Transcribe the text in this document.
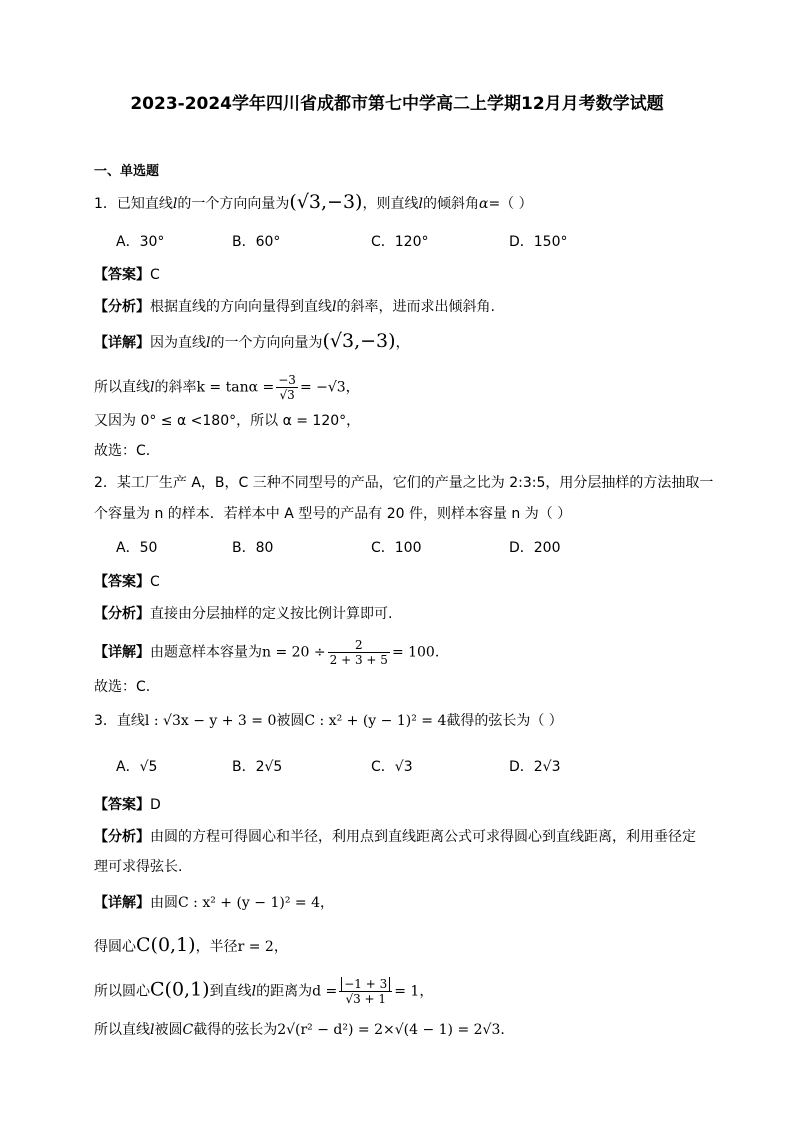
2023-2024学年四川省成都市第七中学高二上学期12月月考数学试题
一、单选题
1．已知直线l的一个方向向量为(√3,−3)，则直线l的倾斜角α=（ ）
A．30°	B．60°	C．120°	D．150°
【答案】C
【分析】根据直线的方向向量得到直线l的斜率，进而求出倾斜角.
【详解】因为直线l的一个方向向量为(√3,−3)，
所以直线l的斜率$k = \tan\alpha = \frac{-3}{√3} = -√3$，
又因为 0° ≤ α <180°，所以 α = 120°，
故选：C.
2．某工厂生产 A，B，C 三种不同型号的产品，它们的产量之比为 2:3:5，用分层抽样的方法抽取一
个容量为 n 的样本．若样本中 A 型号的产品有 20 件，则样本容量 n 为（ ）
A．50	B．80	C．100	D．200
【答案】C
【分析】直接由分层抽样的定义按比例计算即可.
【详解】由题意样本容量为$n = 20 \div \frac{2}{2 + 3 + 5} = 100$.
故选：C.
3．直线l : √3x − y + 3 = 0被圆C : x² + (y − 1)² = 4截得的弦长为（ ）
A．√5	B．2√5	C．√3	D．2√3
【答案】D
【分析】由圆的方程可得圆心和半径，利用点到直线距离公式可求得圆心到直线距离，利用垂径定
理可求得弦长.
【详解】由圆C : x² + (y − 1)² = 4，
得圆心C(0,1)，半径r = 2，
所以圆心C(0,1)到直线l的距离为$d = \frac{-1 + 3}{√3 + 1} = 1$，
所以直线l被圆C截得的弦长为2√(r² − d²) = 2×√(4 − 1) = 2√3.
